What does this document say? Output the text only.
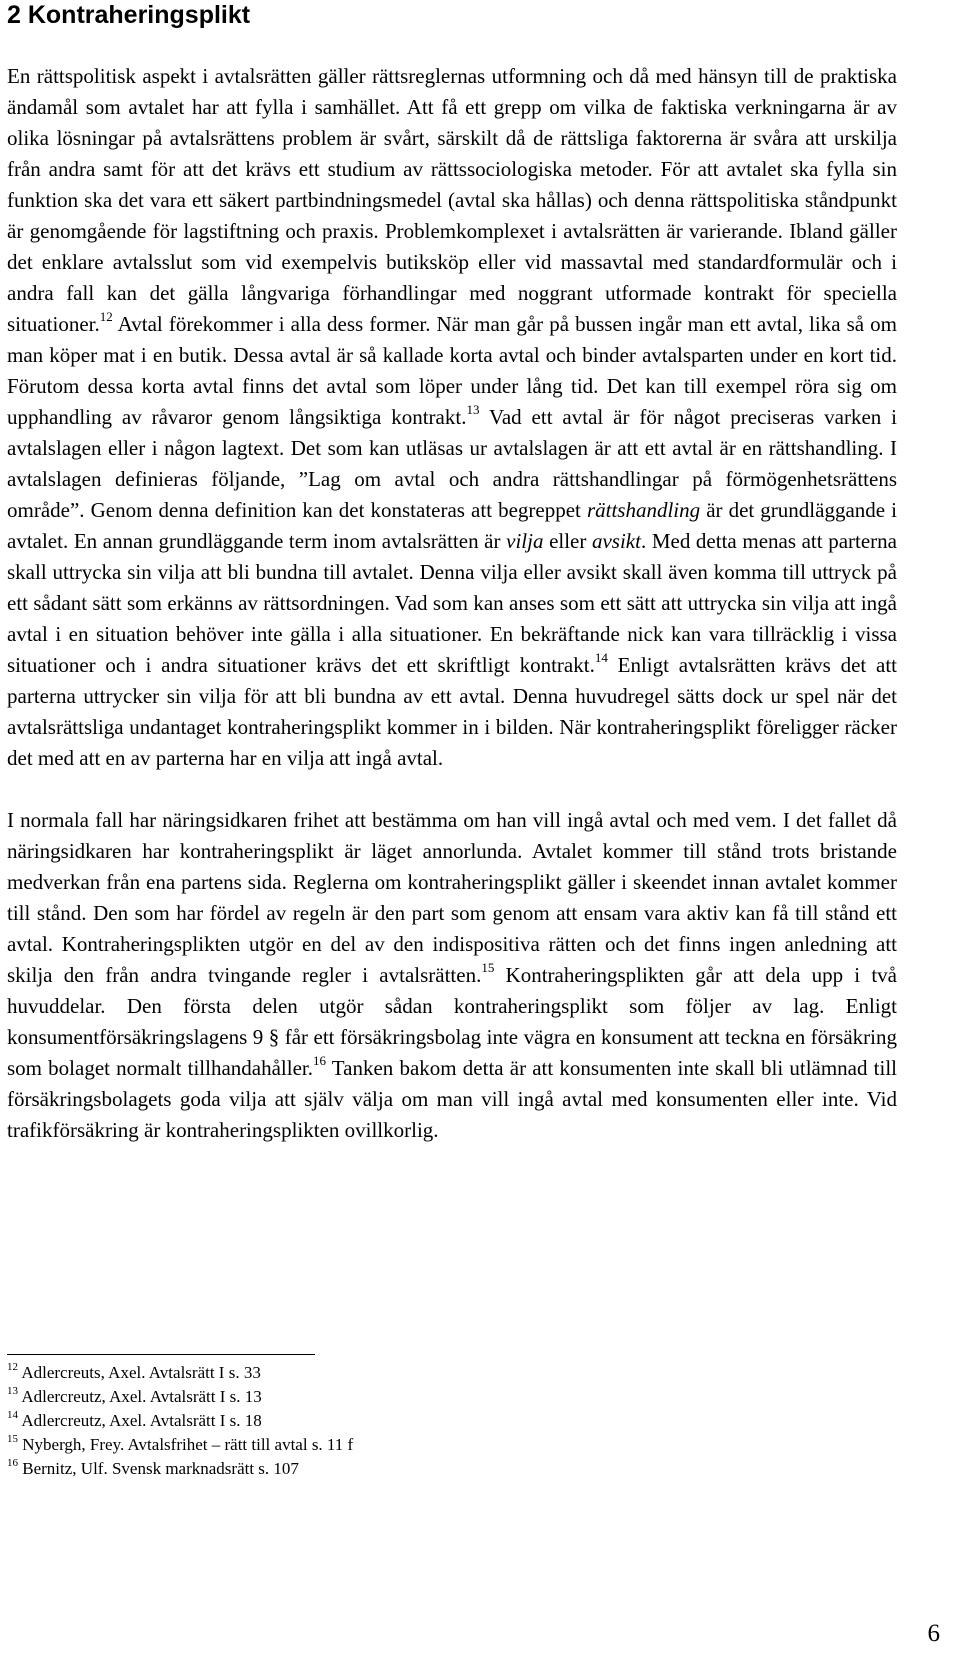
2 Kontraheringsplikt

En rättspolitisk aspekt i avtalsrätten gäller rättsreglernas utformning och då med hänsyn till de praktiska ändamål som avtalet har att fylla i samhället. Att få ett grepp om vilka de faktiska verkningarna är av olika lösningar på avtalsrättens problem är svårt, särskilt då de rättsliga faktorerna är svåra att urskilja från andra samt för att det krävs ett studium av rättssociologiska metoder. För att avtalet ska fylla sin funktion ska det vara ett säkert partbindningsmedel (avtal ska hållas) och denna rättspolitiska ståndpunkt är genomgående för lagstiftning och praxis. Problemkomplexet i avtalsrätten är varierande. Ibland gäller det enklare avtalsslut som vid exempelvis butiksköp eller vid massavtal med standardformulär och i andra fall kan det gälla långvariga förhandlingar med noggrant utformade kontrakt för speciella situationer.$^{12}$ Avtal förekommer i alla dess former. När man går på bussen ingår man ett avtal, lika så om man köper mat i en butik. Dessa avtal är så kallade korta avtal och binder avtalsparten under en kort tid. Förutom dessa korta avtal finns det avtal som löper under lång tid. Det kan till exempel röra sig om upphandling av råvaror genom långsiktiga kontrakt.$^{13}$ Vad ett avtal är för något preciseras varken i avtalslagen eller i någon lagtext. Det som kan utläsas ur avtalslagen är att ett avtal är en rättshandling. I avtalslagen definieras följande, ”Lag om avtal och andra rättshandlingar på förmögenhetsrättens område”. Genom denna definition kan det konstateras att begreppet rättshandling är det grundläggande i avtalet. En annan grundläggande term inom avtalsrätten är vilja eller avsikt. Med detta menas att parterna skall uttrycka sin vilja att bli bundna till avtalet. Denna vilja eller avsikt skall även komma till uttryck på ett sådant sätt som erkänns av rättsordningen. Vad som kan anses som ett sätt att uttrycka sin vilja att ingå avtal i en situation behöver inte gälla i alla situationer. En bekräftande nick kan vara tillräcklig i vissa situationer och i andra situationer krävs det ett skriftligt kontrakt.$^{14}$ Enligt avtalsrätten krävs det att parterna uttrycker sin vilja för att bli bundna av ett avtal. Denna huvudregel sätts dock ur spel när det avtalsrättsliga undantaget kontraheringsplikt kommer in i bilden. När kontraheringsplikt föreligger räcker det med att en av parterna har en vilja att ingå avtal.

I normala fall har näringsidkaren frihet att bestämma om han vill ingå avtal och med vem. I det fallet då näringsidkaren har kontraheringsplikt är läget annorlunda. Avtalet kommer till stånd trots bristande medverkan från ena partens sida. Reglerna om kontraheringsplikt gäller i skeendet innan avtalet kommer till stånd. Den som har fördel av regeln är den part som genom att ensam vara aktiv kan få till stånd ett avtal. Kontraheringsplikten utgör en del av den indispositiva rätten och det finns ingen anledning att skilja den från andra tvingande regler i avtalsrätten.$^{15}$ Kontraheringsplikten går att dela upp i två huvuddelar. Den första delen utgör sådan kontraheringsplikt som följer av lag. Enligt konsumentförsäkringslagens 9 § får ett försäkringsbolag inte vägra en konsument att teckna en försäkring som bolaget normalt tillhandahåller.$^{16}$ Tanken bakom detta är att konsumenten inte skall bli utlämnad till försäkringsbolagets goda vilja att själv välja om man vill ingå avtal med konsumenten eller inte. Vid trafikförsäkring är kontraheringsplikten ovillkorlig.

$^{12}$ Adlercreuts, Axel. Avtalsrätt I s. 33
$^{13}$ Adlercreutz, Axel. Avtalsrätt I s. 13
$^{14}$ Adlercreutz, Axel. Avtalsrätt I s. 18
$^{15}$ Nybergh, Frey. Avtalsfrihet – rätt till avtal s. 11 f
$^{16}$ Bernitz, Ulf. Svensk marknadsrätt s. 107
6
